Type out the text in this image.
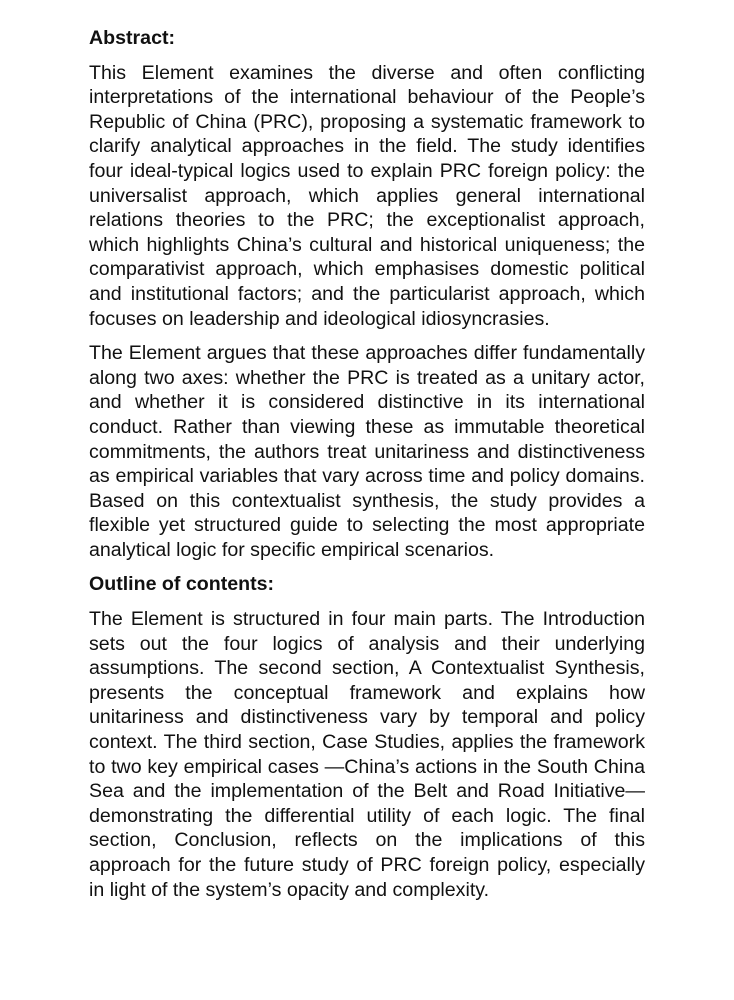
Abstract:

This Element examines the diverse and often conflicting interpretations of the international behaviour of the People’s Republic of China (PRC), proposing a systematic framework to clarify analytical approaches in the field. The study identifies four ideal-typical logics used to explain PRC foreign policy: the universalist approach, which applies general international relations theories to the PRC; the exceptionalist approach, which highlights China’s cultural and historical uniqueness; the comparativist approach, which emphasises domestic political and institutional factors; and the particularist approach, which focuses on leadership and ideological idiosyncrasies.

The Element argues that these approaches differ fundamentally along two axes: whether the PRC is treated as a unitary actor, and whether it is considered distinctive in its international conduct. Rather than viewing these as immutable theoretical commitments, the authors treat unitariness and distinctiveness as empirical variables that vary across time and policy domains. Based on this contextualist synthesis, the study provides a flexible yet structured guide to selecting the most appropriate analytical logic for specific empirical scenarios.

Outline of contents:

The Element is structured in four main parts. The Introduction sets out the four logics of analysis and their underlying assumptions. The second section, A Contextualist Synthesis, presents the conceptual framework and explains how unitariness and distinctiveness vary by temporal and policy context. The third section, Case Studies, applies the framework to two key empirical cases —China’s actions in the South China Sea and the implementation of the Belt and Road Initiative— demonstrating the differential utility of each logic. The final section, Conclusion, reflects on the implications of this approach for the future study of PRC foreign policy, especially in light of the system’s opacity and complexity.
